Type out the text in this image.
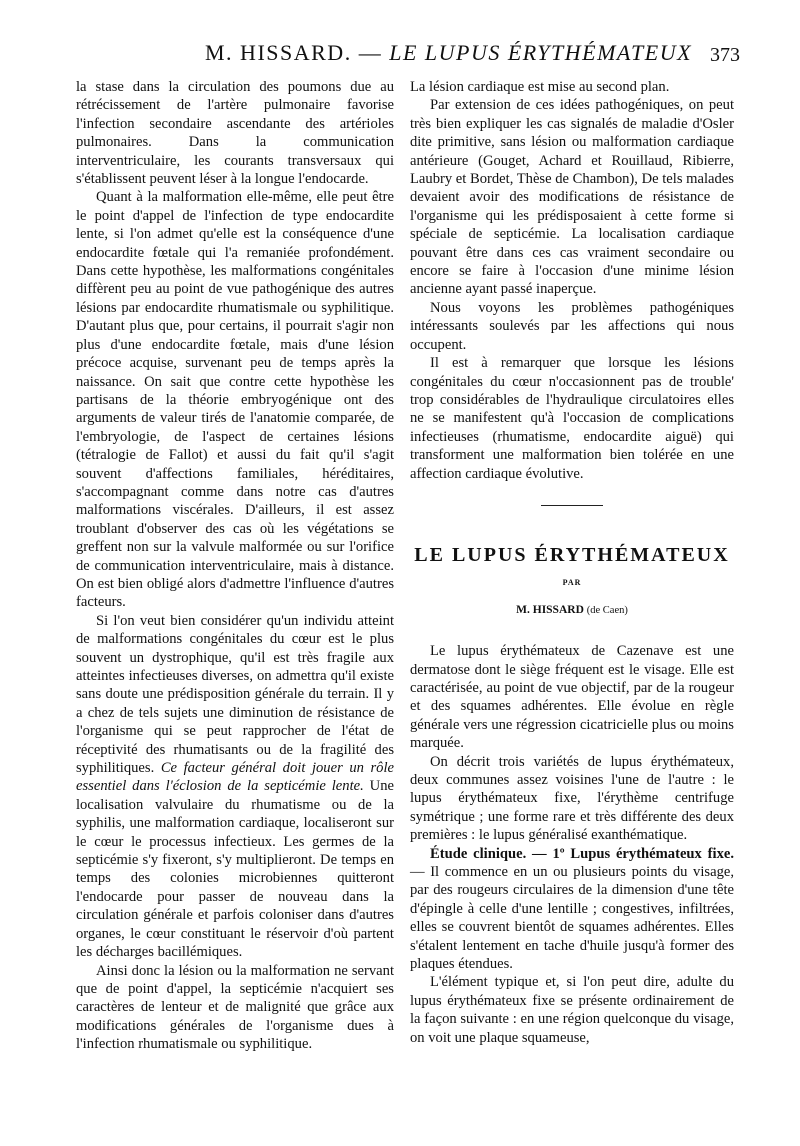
M. HISSARD. — LE LUPUS ÉRYTHÉMATEUX 373

la stase dans la circulation des poumons due au rétrécissement de l'artère pulmonaire favorise l'infection secondaire ascendante des artérioles pulmonaires. Dans la communication interventriculaire, les courants transversaux qui s'établissent peuvent léser à la longue l'endocarde.

Quant à la malformation elle-même, elle peut être le point d'appel de l'infection de type endocardite lente, si l'on admet qu'elle est la conséquence d'une endocardite fœtale qui l'a remaniée profondément. Dans cette hypothèse, les malformations congénitales diffèrent peu au point de vue pathogénique des autres lésions par endocardite rhumatismale ou syphilitique. D'autant plus que, pour certains, il pourrait s'agir non plus d'une endocardite fœtale, mais d'une lésion précoce acquise, survenant peu de temps après la naissance. On sait que contre cette hypothèse les partisans de la théorie embryogénique ont des arguments de valeur tirés de l'anatomie comparée, de l'embryologie, de l'aspect de certaines lésions (tétralogie de Fallot) et aussi du fait qu'il s'agit souvent d'affections familiales, héréditaires, s'accompagnant comme dans notre cas d'autres malformations viscérales. D'ailleurs, il est assez troublant d'observer des cas où les végétations se greffent non sur la valvule malformée ou sur l'orifice de communication interventriculaire, mais à distance. On est bien obligé alors d'admettre l'influence d'autres facteurs.

Si l'on veut bien considérer qu'un individu atteint de malformations congénitales du cœur est le plus souvent un dystrophique, qu'il est très fragile aux atteintes infectieuses diverses, on admettra qu'il existe sans doute une prédisposition générale du terrain. Il y a chez de tels sujets une diminution de résistance de l'organisme qui se peut rapprocher de l'état de réceptivité des rhumatisants ou de la fragilité des syphilitiques. Ce facteur général doit jouer un rôle essentiel dans l'éclosion de la septicémie lente. Une localisation valvulaire du rhumatisme ou de la syphilis, une malformation cardiaque, localiseront sur le cœur le processus infectieux. Les germes de la septicémie s'y fixeront, s'y multiplieront. De temps en temps des colonies microbiennes quitteront l'endocarde pour passer de nouveau dans la circulation générale et parfois coloniser dans d'autres organes, le cœur constituant le réservoir d'où partent les décharges bacillémiques.

Ainsi donc la lésion ou la malformation ne servant que de point d'appel, la septicémie n'acquiert ses caractères de lenteur et de malignité que grâce aux modifications générales de l'organisme dues à l'infection rhumatismale ou syphilitique.

La lésion cardiaque est mise au second plan.

Par extension de ces idées pathogéniques, on peut très bien expliquer les cas signalés de maladie d'Osler dite primitive, sans lésion ou malformation cardiaque antérieure (Gouget, Achard et Rouillaud, Ribierre, Laubry et Bordet, Thèse de Chambon), De tels malades devaient avoir des modifications de résistance de l'organisme qui les prédisposaient à cette forme si spéciale de septicémie. La localisation cardiaque pouvant être dans ces cas vraiment secondaire ou encore se faire à l'occasion d'une minime lésion ancienne ayant passé inaperçue.

Nous voyons les problèmes pathogéniques intéressants soulevés par les affections qui nous occupent.

Il est à remarquer que lorsque les lésions congénitales du cœur n'occasionnent pas de trouble' trop considérables de l'hydraulique circulatoires elles ne se manifestent qu'à l'occasion de complications infectieuses (rhumatisme, endocardite aiguë) qui transforment une malformation bien tolérée en une affection cardiaque évolutive.

LE LUPUS ÉRYTHÉMATEUX
PAR
M. HISSARD (de Caen)

Le lupus érythémateux de Cazenave est une dermatose dont le siège fréquent est le visage. Elle est caractérisée, au point de vue objectif, par de la rougeur et des squames adhérentes. Elle évolue en règle générale vers une régression cicatricielle plus ou moins marquée.

On décrit trois variétés de lupus érythémateux, deux communes assez voisines l'une de l'autre : le lupus érythémateux fixe, l'érythème centrifuge symétrique ; une forme rare et très différente des deux premières : le lupus généralisé exanthématique.

Étude clinique. — 1º Lupus érythémateux fixe. — Il commence en un ou plusieurs points du visage, par des rougeurs circulaires de la dimension d'une tête d'épingle à celle d'une lentille ; congestives, infiltrées, elles se couvrent bientôt de squames adhérentes. Elles s'étalent lentement en tache d'huile jusqu'à former des plaques étendues.

L'élément typique et, si l'on peut dire, adulte du lupus érythémateux fixe se présente ordinairement de la façon suivante : en une région quelconque du visage, on voit une plaque squameuse,
